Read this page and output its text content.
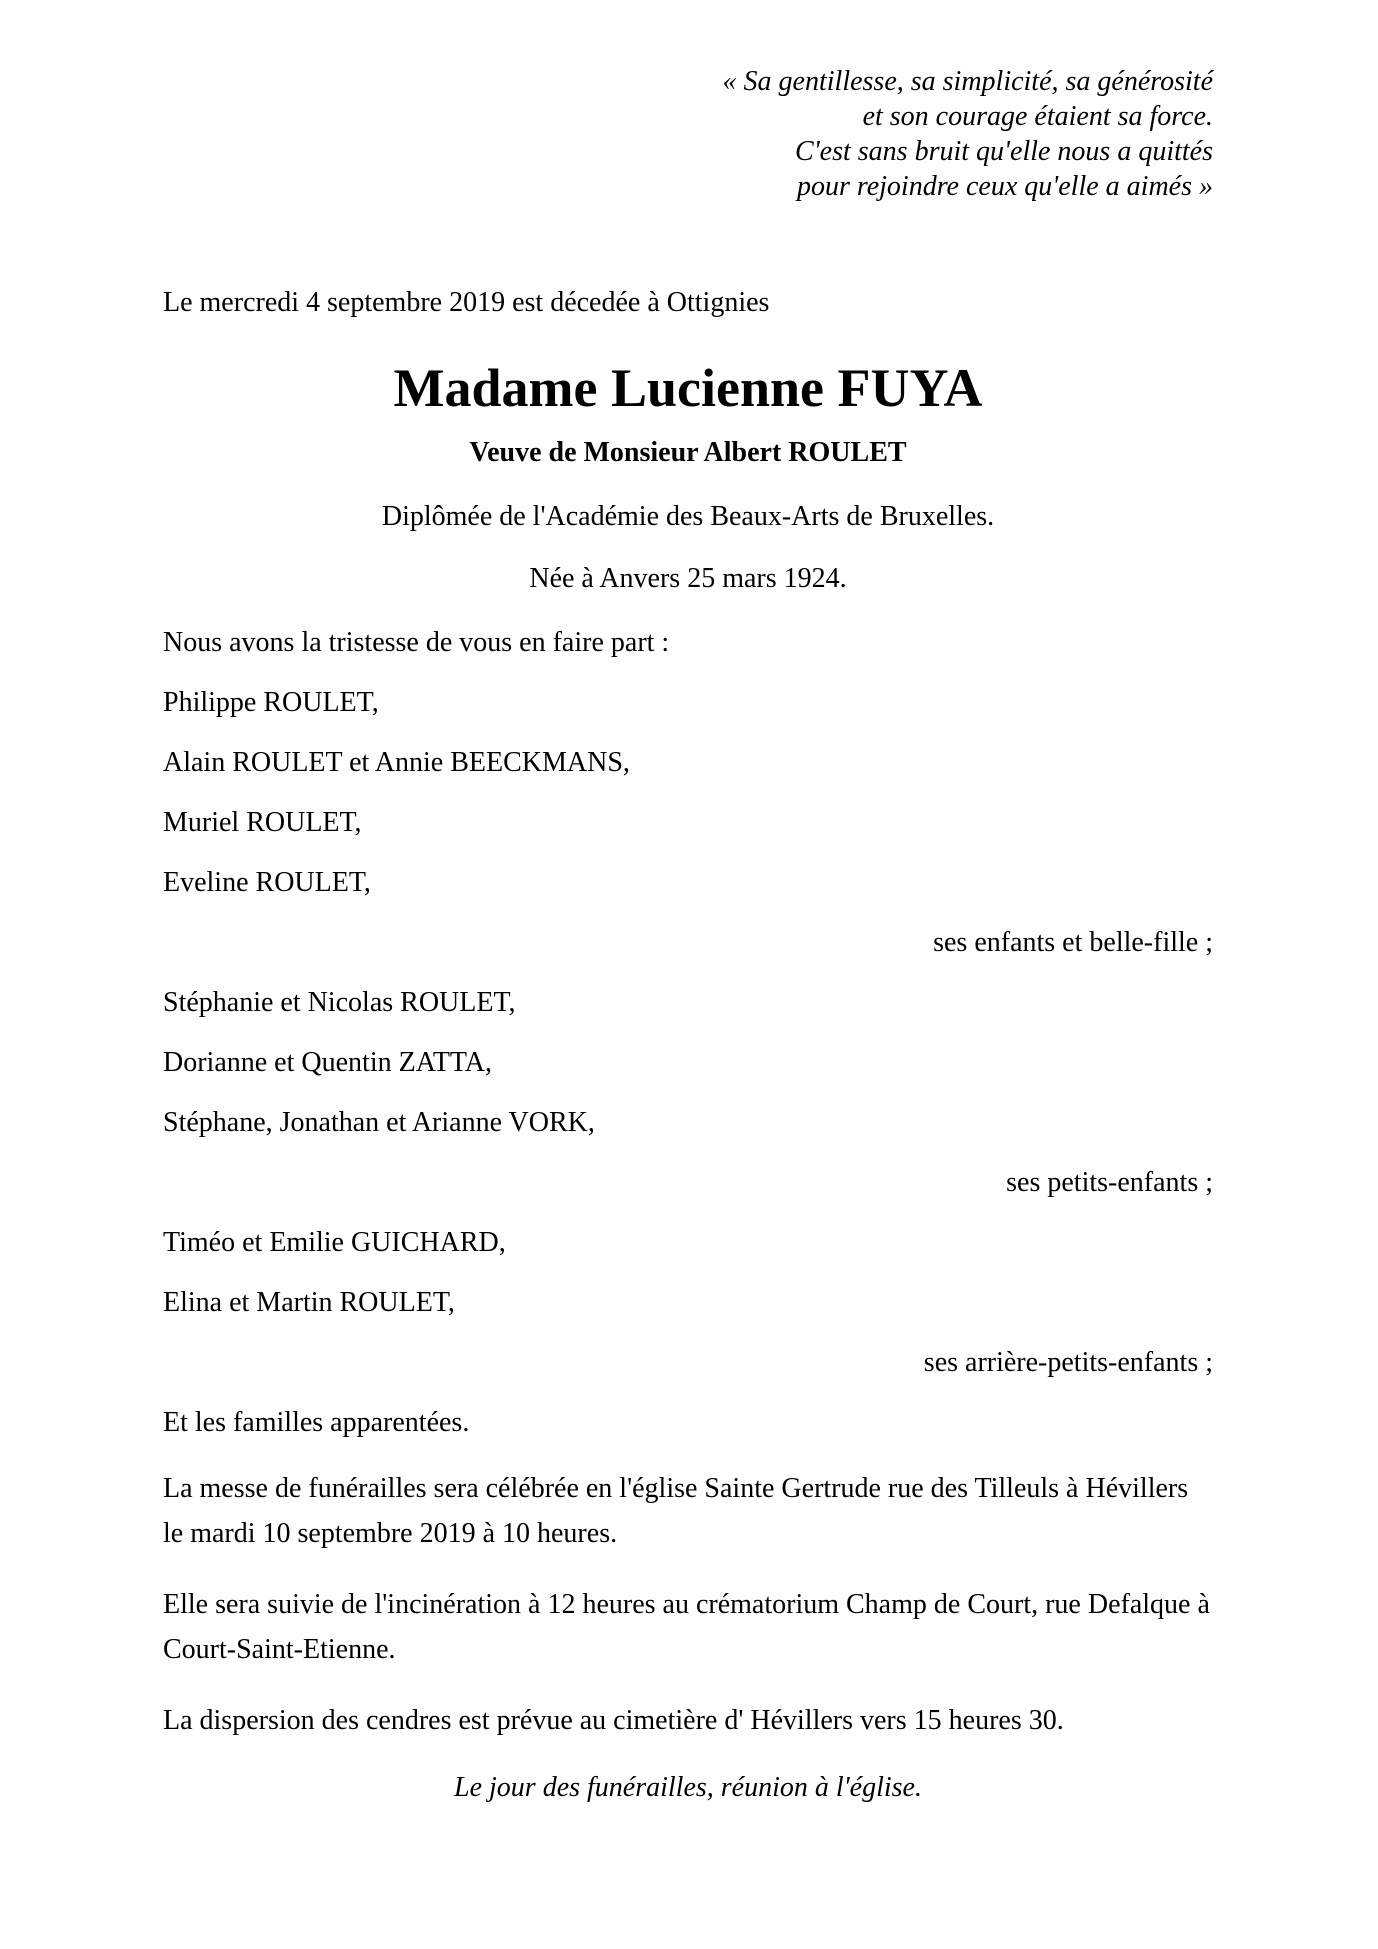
« Sa gentillesse, sa simplicité, sa générosité

et son courage étaient sa force.

C'est sans bruit qu'elle nous a quittés

pour rejoindre ceux qu'elle a aimés »

Le mercredi 4 septembre 2019 est décedée à Ottignies

Madame Lucienne FUYA

Veuve de Monsieur Albert ROULET

Diplômée de l'Académie des Beaux-Arts de Bruxelles.

Née à Anvers 25 mars 1924.

Nous avons la tristesse de vous en faire part :

Philippe ROULET,

Alain ROULET et Annie BEECKMANS,

Muriel ROULET,

Eveline ROULET,

ses enfants et belle-fille ;

Stéphanie et Nicolas ROULET,

Dorianne et Quentin ZATTA,

Stéphane, Jonathan et Arianne VORK,

ses petits-enfants ;

Timéo et Emilie GUICHARD,

Elina et Martin ROULET,

ses arrière-petits-enfants ;

Et les familles apparentées.

La messe de funérailles sera célébrée en l'église Sainte Gertrude rue des Tilleuls à Hévillers le mardi 10 septembre 2019 à 10 heures.

Elle sera suivie de l'incinération à 12 heures au crématorium Champ de Court, rue Defalque à Court-Saint-Etienne.

La dispersion des cendres est prévue au cimetière d' Hévillers vers 15 heures 30.

Le jour des funérailles, réunion à l'église.
